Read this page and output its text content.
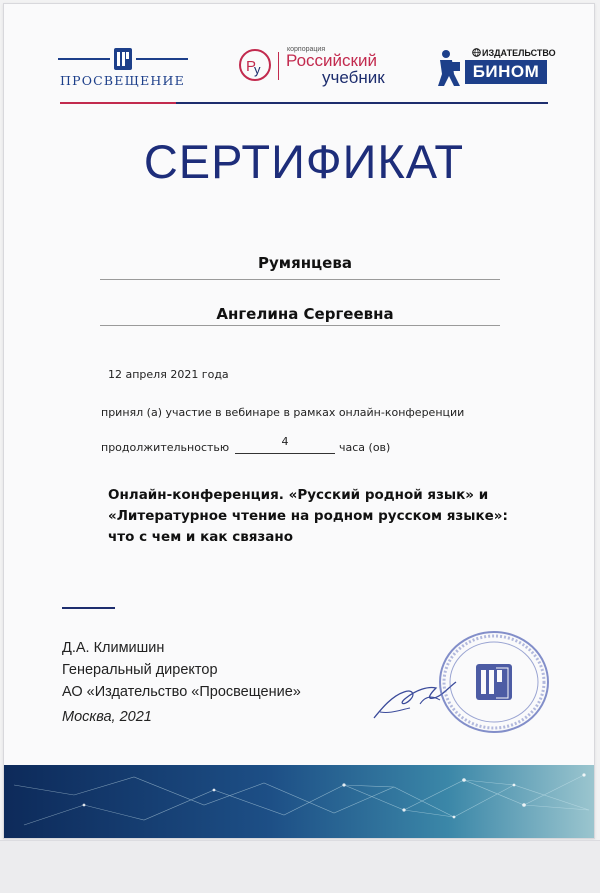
ПРОСВЕЩЕНИЕ
Р
у
корпорация
Российский
учебник
ИЗДАТЕЛЬСТВО
БИНОМ
СЕРТИФИКАТ
Румянцева
Ангелина Сергеевна
12 апреля 2021 года
принял (а) участие в вебинаре в рамках онлайн-конференции
продолжительностью	4	часа (ов)
Онлайн-конференция. «Русский родной язык» и «Литературное чтение на родном русском языке»: что с чем и как связано
Д.А. Климишин
Генеральный директор
АО «Издательство «Просвещение»
Москва, 2021
